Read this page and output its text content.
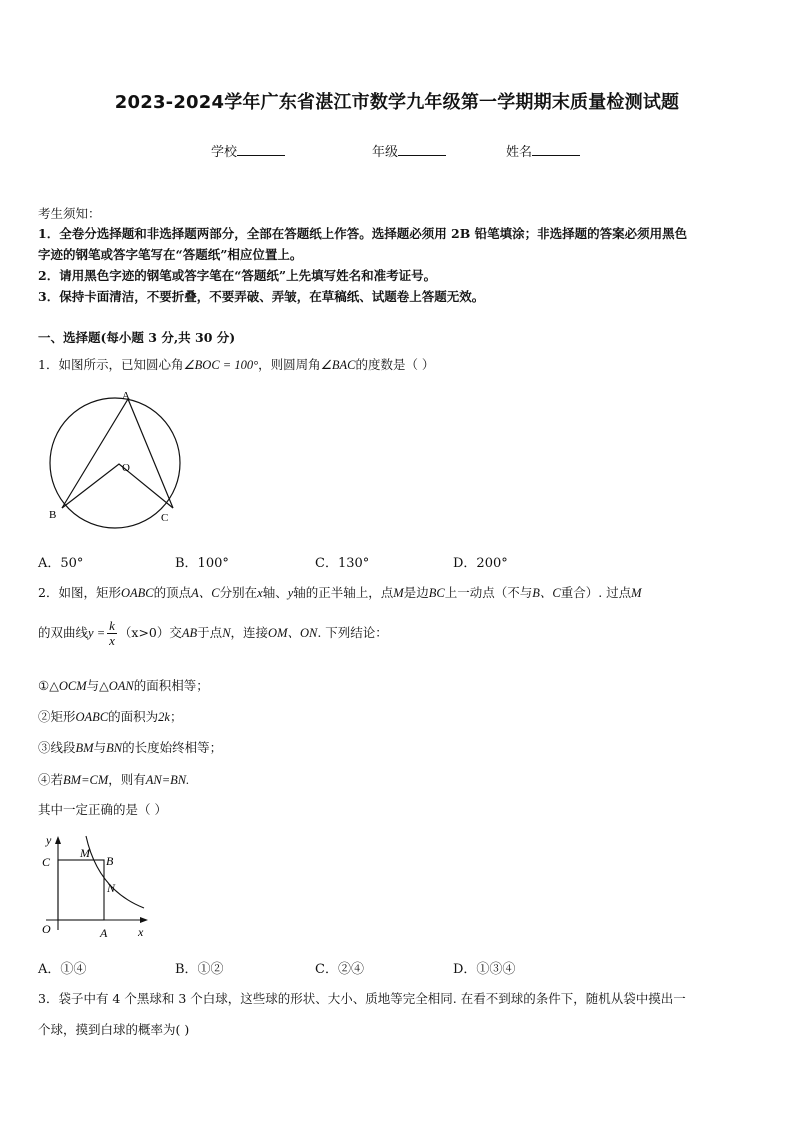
2023-2024学年广东省湛江市数学九年级第一学期期末质量检测试题
学校	年级	姓名
考生须知：
1．全卷分选择题和非选择题两部分，全部在答题纸上作答。选择题必须用 2B 铅笔填涂；非选择题的答案必须用黑色
字迹的钢笔或答字笔写在“答题纸”相应位置上。
2．请用黑色字迹的钢笔或答字笔在“答题纸”上先填写姓名和准考证号。
3．保持卡面清洁，不要折叠，不要弄破、弄皱，在草稿纸、试题卷上答题无效。
一、选择题(每小题 3 分,共 30 分)
1．如图所示，已知圆心角∠BOC = 100°，则圆周角∠BAC的度数是（ ）
A
B	C
O
A．50°	B．100°	C．130°	D．200°
2．如图，矩形OABC的顶点A、C分别在x轴、y轴的正半轴上，点M是边BC上一动点（不与B、C重合）. 过点M
的双曲线$y = \frac{k}{x} (x>0)$交AB于点N，连接OM、ON. 下列结论：
①△OCM与△OAN的面积相等；
②矩形OABC的面积为2k；
③线段BM与BN的长度始终相等；
④若BM=CM，则有AN=BN.
其中一定正确的是（ ）
y
x
C
M
B
N
O	A
A．①④	B．①②	C．②④	D．①③④
3．袋子中有 4 个黑球和 3 个白球，这些球的形状、大小、质地等完全相同. 在看不到球的条件下，随机从袋中摸出一
个球，摸到白球的概率为( )
